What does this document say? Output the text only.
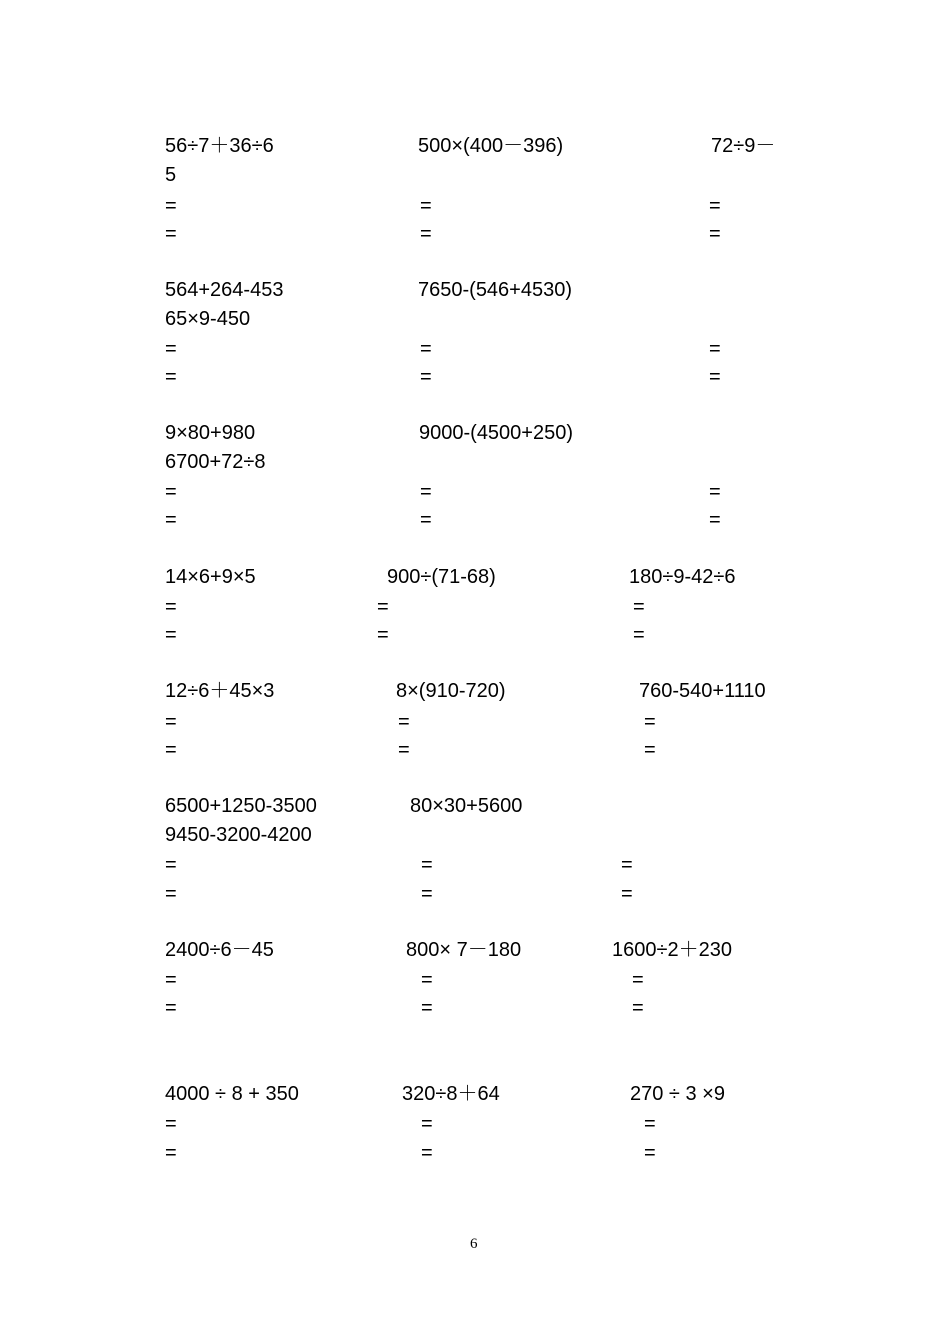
56÷7＋36÷6	500×(400－396)	72÷9－
5
=	=	=
=	=	=
564+264-453	7650-(546+4530)
65×9-450
=	=	=
=	=	=
9×80+980	9000-(4500+250)
6700+72÷8
=	=	=
=	=	=
14×6+9×5	900÷(71-68)	180÷9-42÷6
=	=	=
=	=	=
12÷6＋45×3	8×(910-720)	760-540+1110
=	=	=
=	=	=
6500+1250-3500	80×30+5600
9450-3200-4200
=	=	=
=	=	=
2400÷6－45	800× 7－180	1600÷2＋230
=	=	=
=	=	=
4000 ÷ 8 + 350	320÷8＋64	270 ÷ 3 ×9
=	=	=
=	=	=
6
